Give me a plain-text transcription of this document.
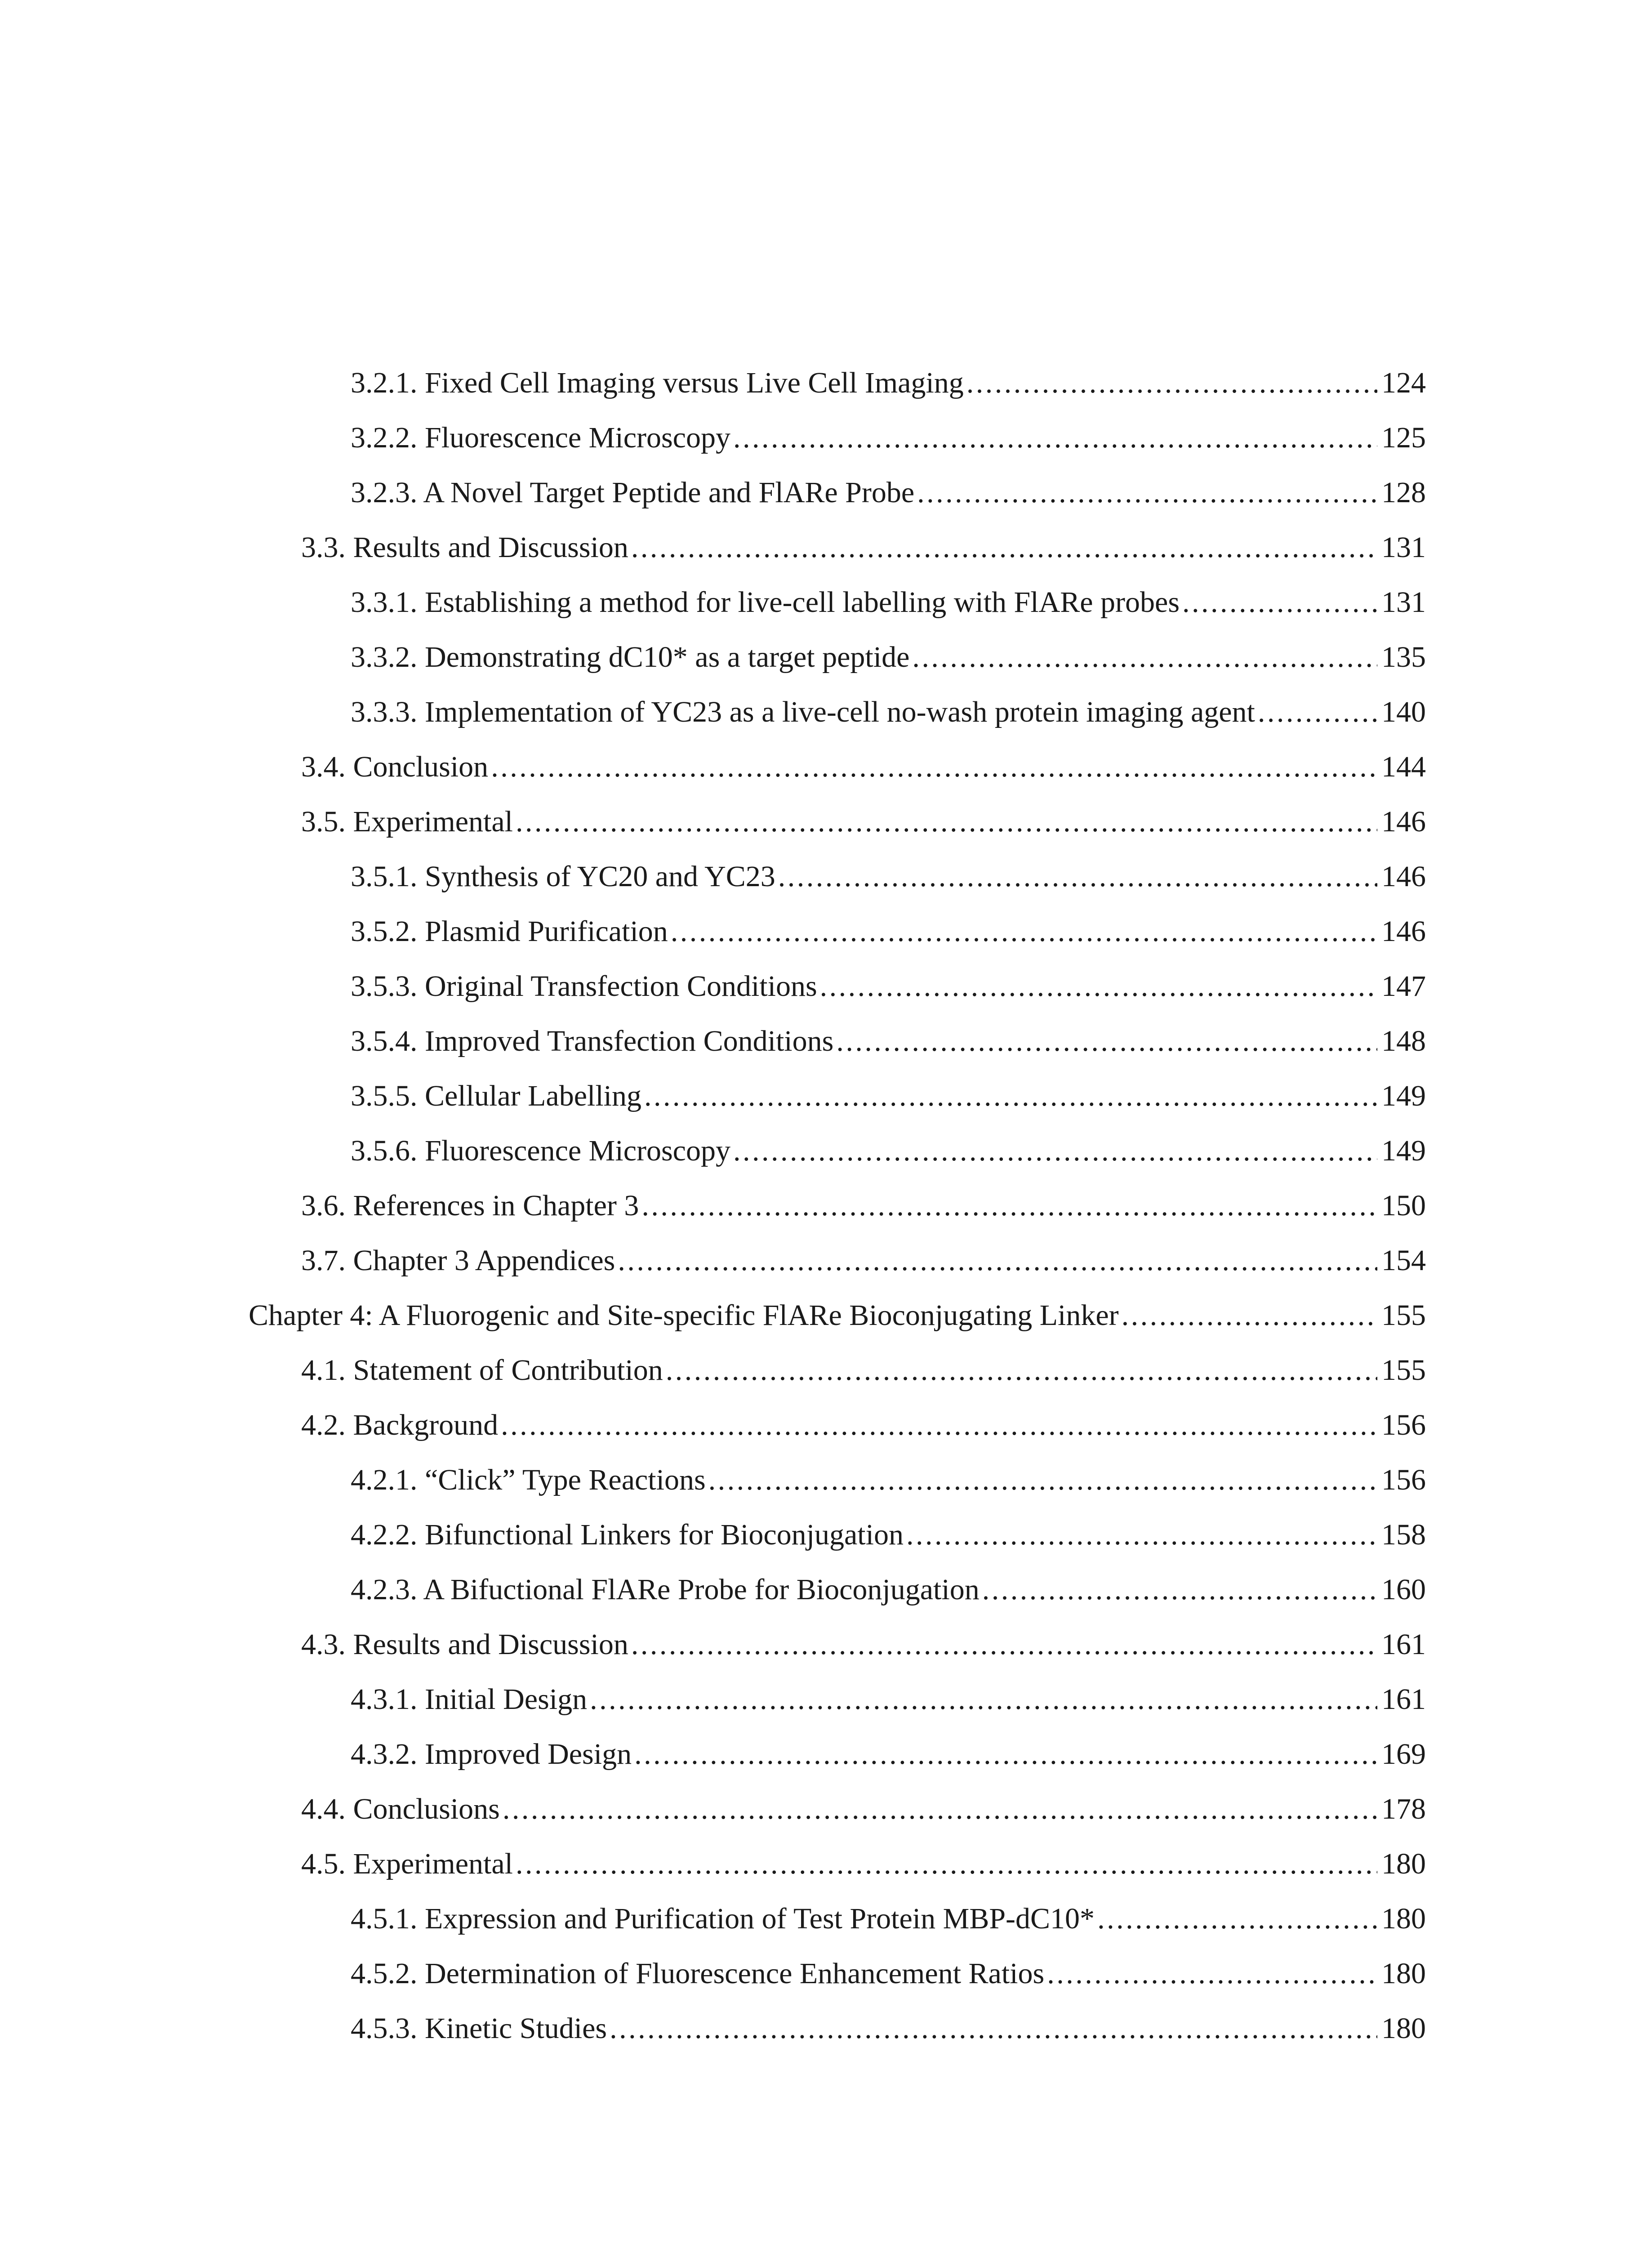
3.2.1. Fixed Cell Imaging versus Live Cell Imaging . . .	124
3.2.2. Fluorescence Microscopy . . .	125
3.2.3. A Novel Target Peptide and FlARe Probe . . .	128
3.3. Results and Discussion . . .	131
3.3.1. Establishing a method for live-cell labelling with FlARe probes . . .	131
3.3.2. Demonstrating dC10* as a target peptide . . .	135
3.3.3. Implementation of YC23 as a live-cell no-wash protein imaging agent . . .	140
3.4. Conclusion . . .	144
3.5. Experimental . . .	146
3.5.1. Synthesis of YC20 and YC23 . . .	146
3.5.2. Plasmid Purification . . .	146
3.5.3. Original Transfection Conditions . . .	147
3.5.4. Improved Transfection Conditions . . .	148
3.5.5. Cellular Labelling . . .	149
3.5.6. Fluorescence Microscopy . . .	149
3.6. References in Chapter 3 . . .	150
3.7. Chapter 3 Appendices . . .	154
Chapter 4: A Fluorogenic and Site-specific FlARe Bioconjugating Linker . . .	155
4.1. Statement of Contribution . . .	155
4.2. Background . . .	156
4.2.1. “Click” Type Reactions . . .	156
4.2.2. Bifunctional Linkers for Bioconjugation . . .	158
4.2.3. A Bifuctional FlARe Probe for Bioconjugation . . .	160
4.3. Results and Discussion . . .	161
4.3.1. Initial Design . . .	161
4.3.2. Improved Design . . .	169
4.4. Conclusions . . .	178
4.5. Experimental . . .	180
4.5.1. Expression and Purification of Test Protein MBP-dC10* . . .	180
4.5.2. Determination of Fluorescence Enhancement Ratios . . .	180
4.5.3. Kinetic Studies . . .	180
